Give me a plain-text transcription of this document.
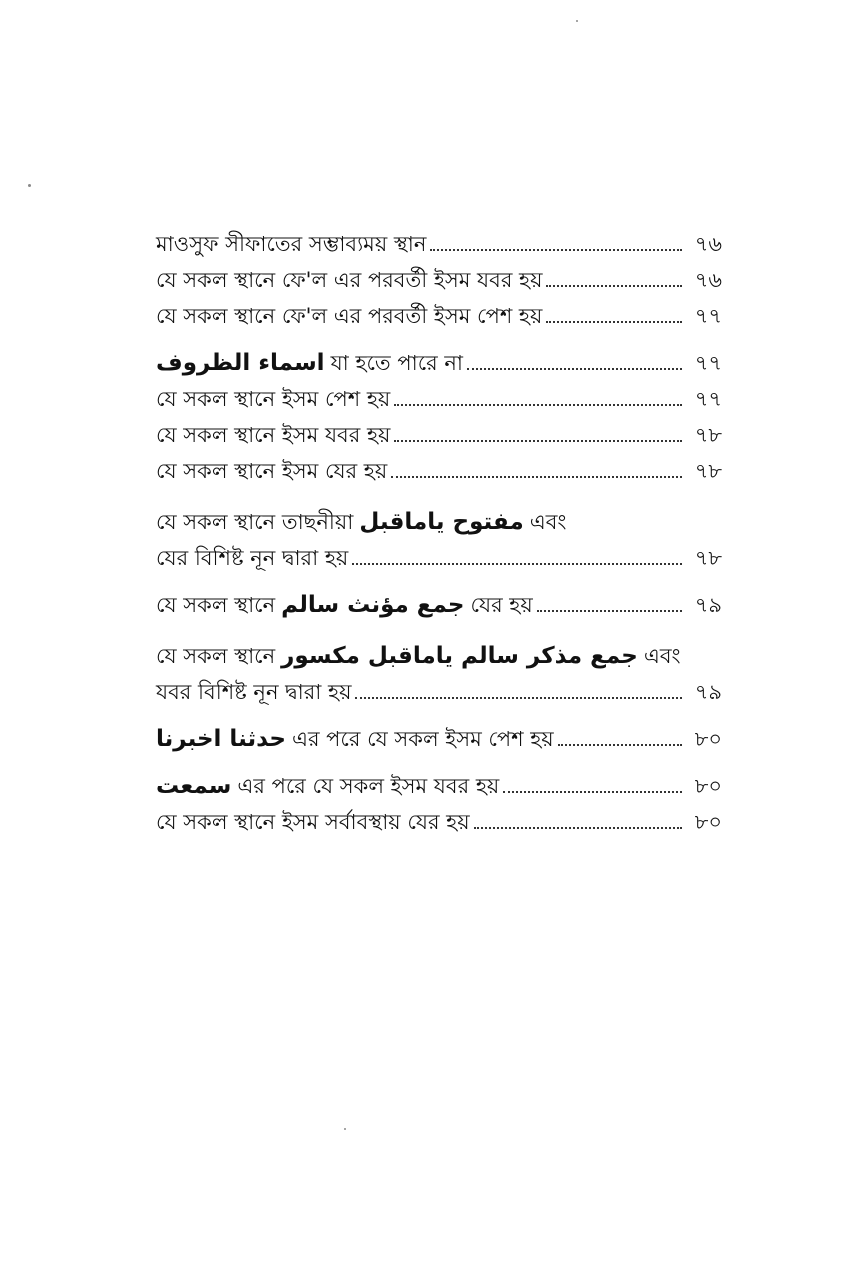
মাওসুফ সীফাতের সম্ভাব্যময় স্থান	৭৬
যে সকল স্থানে ফে'ল এর পরবর্তী ইসম যবর হয়	৭৬
যে সকল স্থানে ফে'ল এর পরবর্তী ইসম পেশ হয়	৭৭
اسماء الظروف যা হতে পারে না	৭৭
যে সকল স্থানে ইসম পেশ হয়	৭৭
যে সকল স্থানে ইসম যবর হয়	৭৮
যে সকল স্থানে ইসম যের হয়	৭৮
যে সকল স্থানে তাছনীয়া مفتوح ياماقبل এবং
যের বিশিষ্ট নূন দ্বারা হয়	৭৮
যে সকল স্থানে جمع مؤنث سالم যের হয়	৭৯
যে সকল স্থানে جمع مذکر سالم ياماقبل مكسور এবং
যবর বিশিষ্ট নূন দ্বারা হয়	৭৯
حدثنا اخبرنا এর পরে যে সকল ইসম পেশ হয়	৮০
سمعت এর পরে যে সকল ইসম যবর হয়	৮০
যে সকল স্থানে ইসম সর্বাবস্থায় যের হয়	৮০
